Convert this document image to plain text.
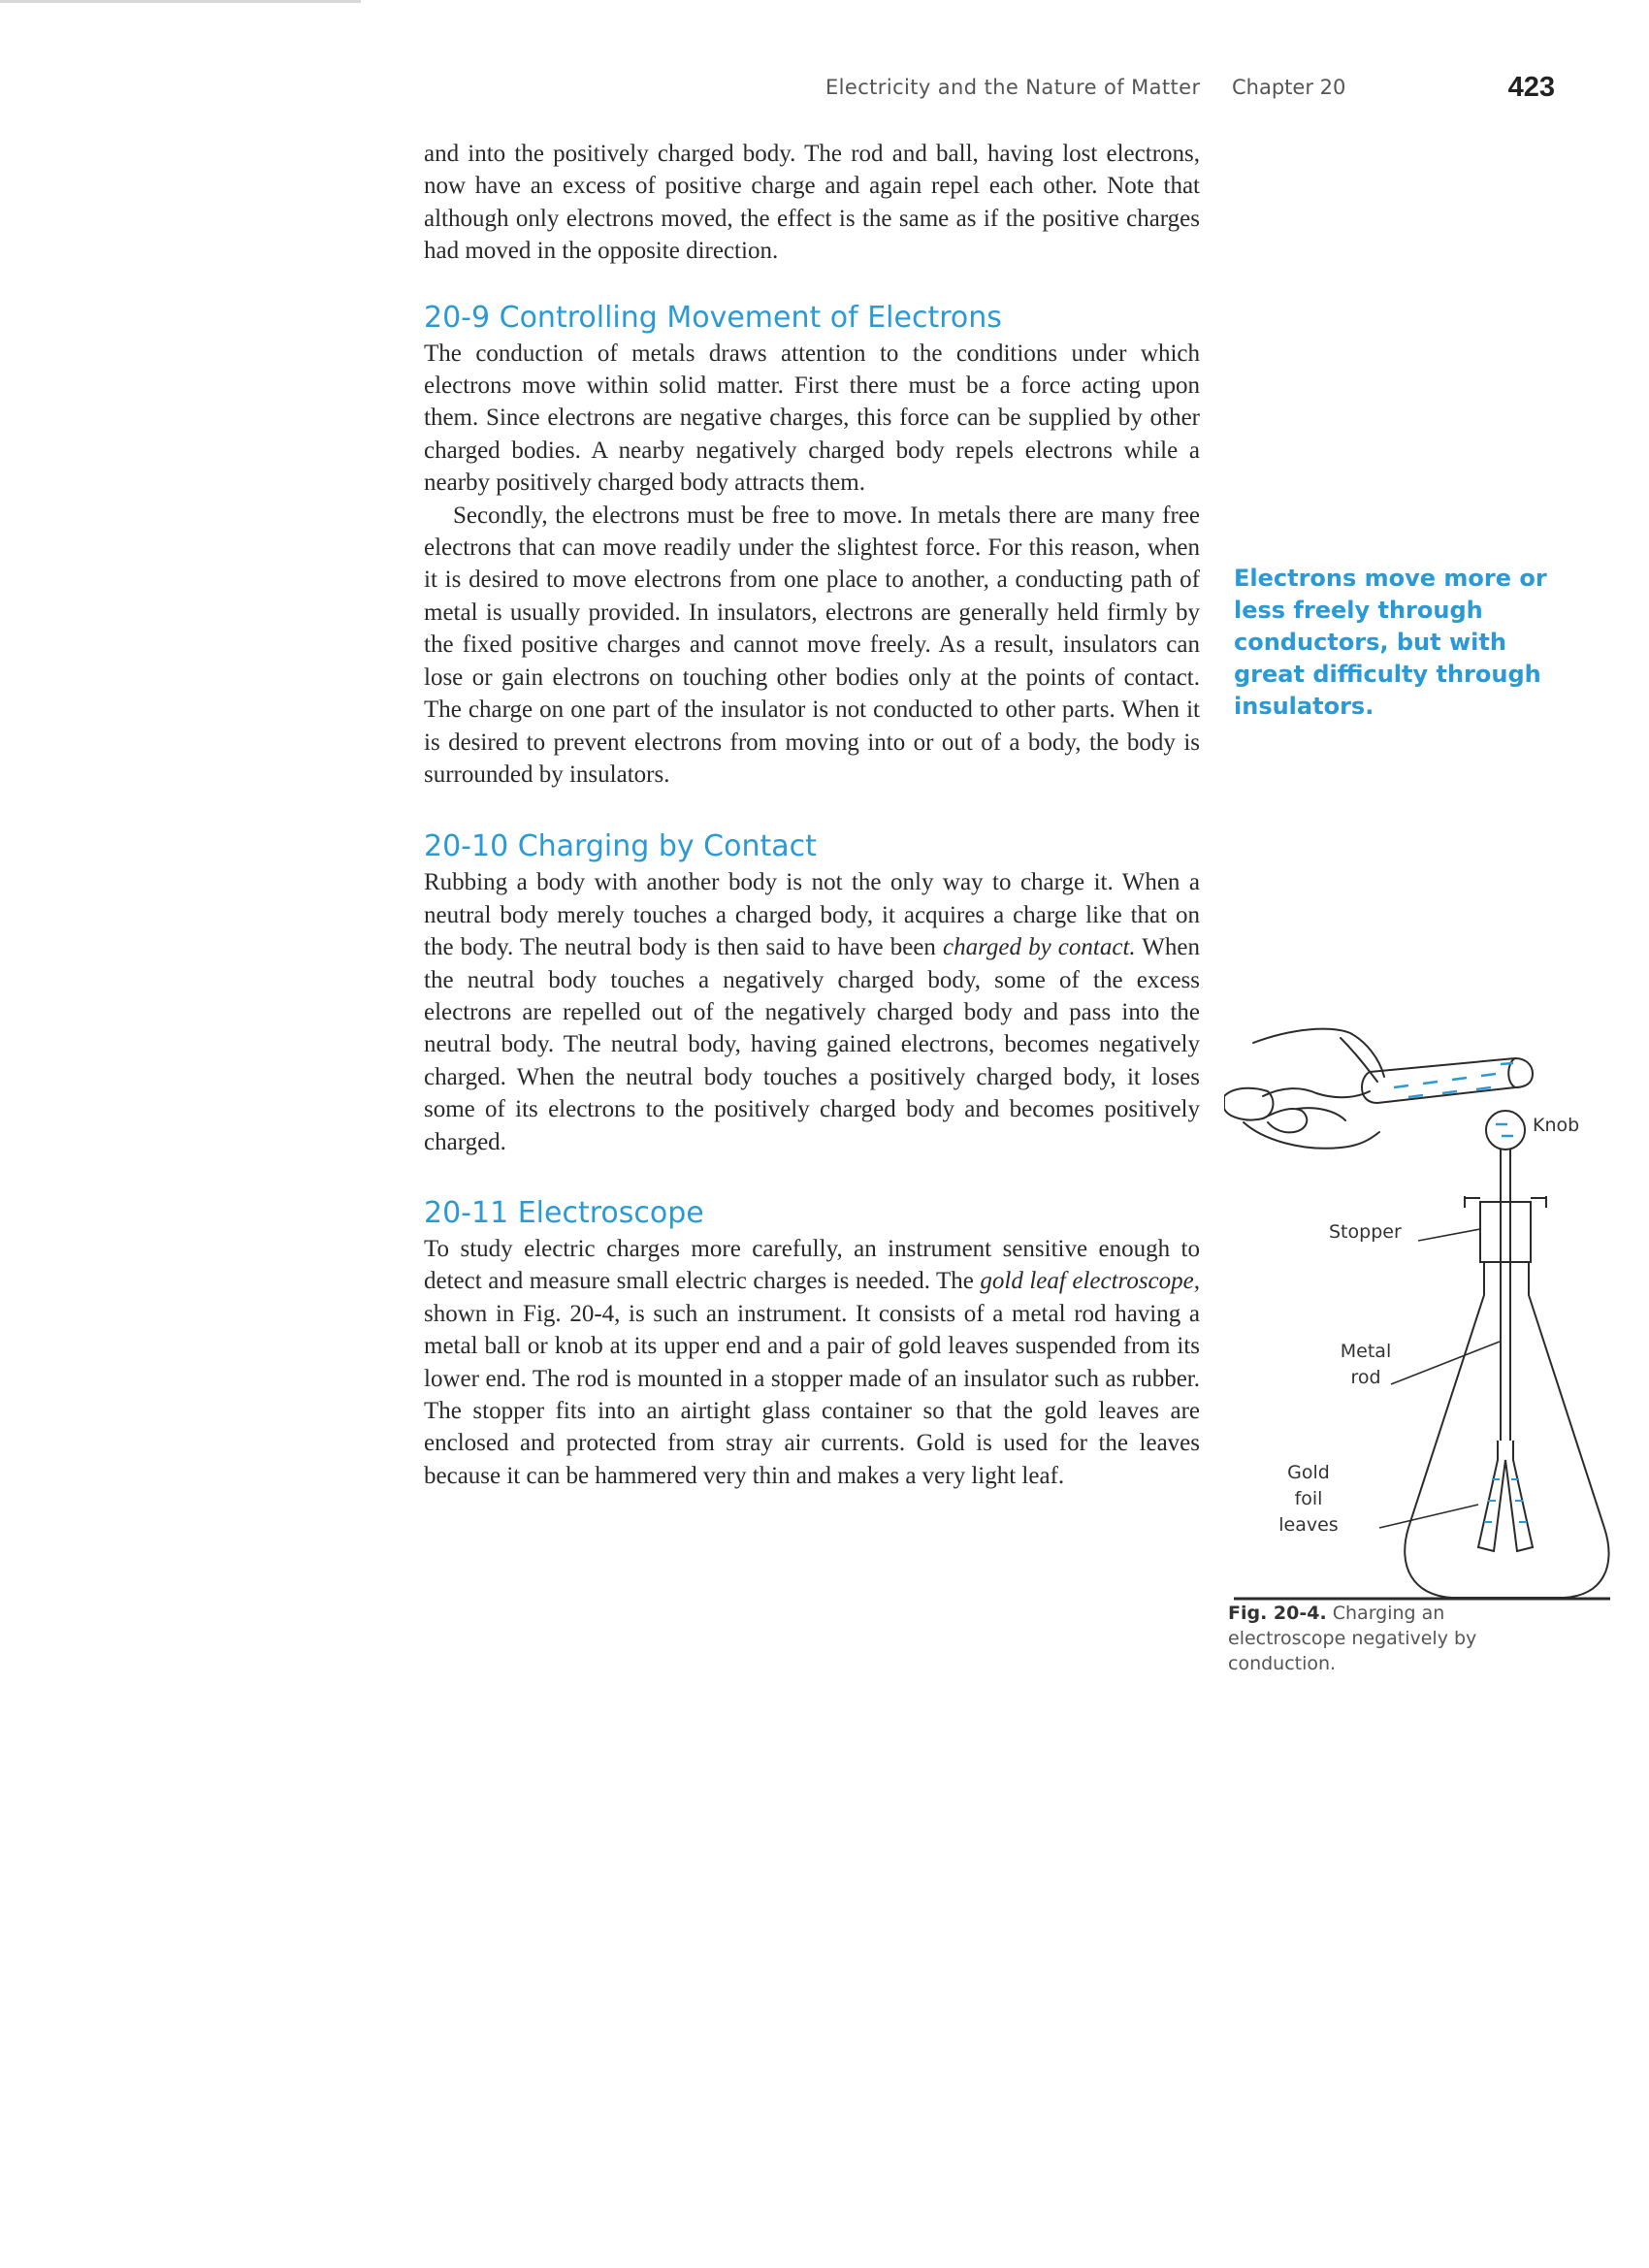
Electricity and the Nature of Matter Chapter 20	423

and into the positively charged body. The rod and ball, having lost electrons, now have an excess of positive charge and again repel each other. Note that although only electrons moved, the effect is the same as if the positive charges had moved in the opposite direction.

20-9 Controlling Movement of Electrons

The conduction of metals draws attention to the conditions under which electrons move within solid matter. First there must be a force acting upon them. Since electrons are negative charges, this force can be supplied by other charged bodies. A nearby negatively charged body repels electrons while a nearby positively charged body attracts them.

Secondly, the electrons must be free to move. In metals there are many free electrons that can move readily under the slightest force. For this reason, when it is desired to move electrons from one place to another, a conducting path of metal is usually provided. In insulators, electrons are generally held firmly by the fixed positive charges and cannot move freely. As a result, insulators can lose or gain electrons on touching other bodies only at the points of contact. The charge on one part of the insulator is not conducted to other parts. When it is desired to prevent electrons from moving into or out of a body, the body is surrounded by insulators.

20-10 Charging by Contact

Rubbing a body with another body is not the only way to charge it. When a neutral body merely touches a charged body, it acquires a charge like that on the body. The neutral body is then said to have been charged by contact. When the neutral body touches a negatively charged body, some of the excess electrons are repelled out of the negatively charged body and pass into the neutral body. The neutral body, having gained electrons, becomes negatively charged. When the neutral body touches a positively charged body, it loses some of its electrons to the positively charged body and becomes positively charged.

20-11 Electroscope

To study electric charges more carefully, an instrument sensitive enough to detect and measure small electric charges is needed. The gold leaf electroscope, shown in Fig. 20-4, is such an instrument. It consists of a metal rod having a metal ball or knob at its upper end and a pair of gold leaves suspended from its lower end. The rod is mounted in a stopper made of an insulator such as rubber. The stopper fits into an airtight glass container so that the gold leaves are enclosed and protected from stray air currents. Gold is used for the leaves because it can be hammered very thin and makes a very light leaf.

Electrons move more or less freely through conductors, but with great difficulty through insulators.
Knob
Stopper
Metal
rod
Gold
foil
leaves
Fig. 20-4. Charging an electroscope negatively by conduction.
